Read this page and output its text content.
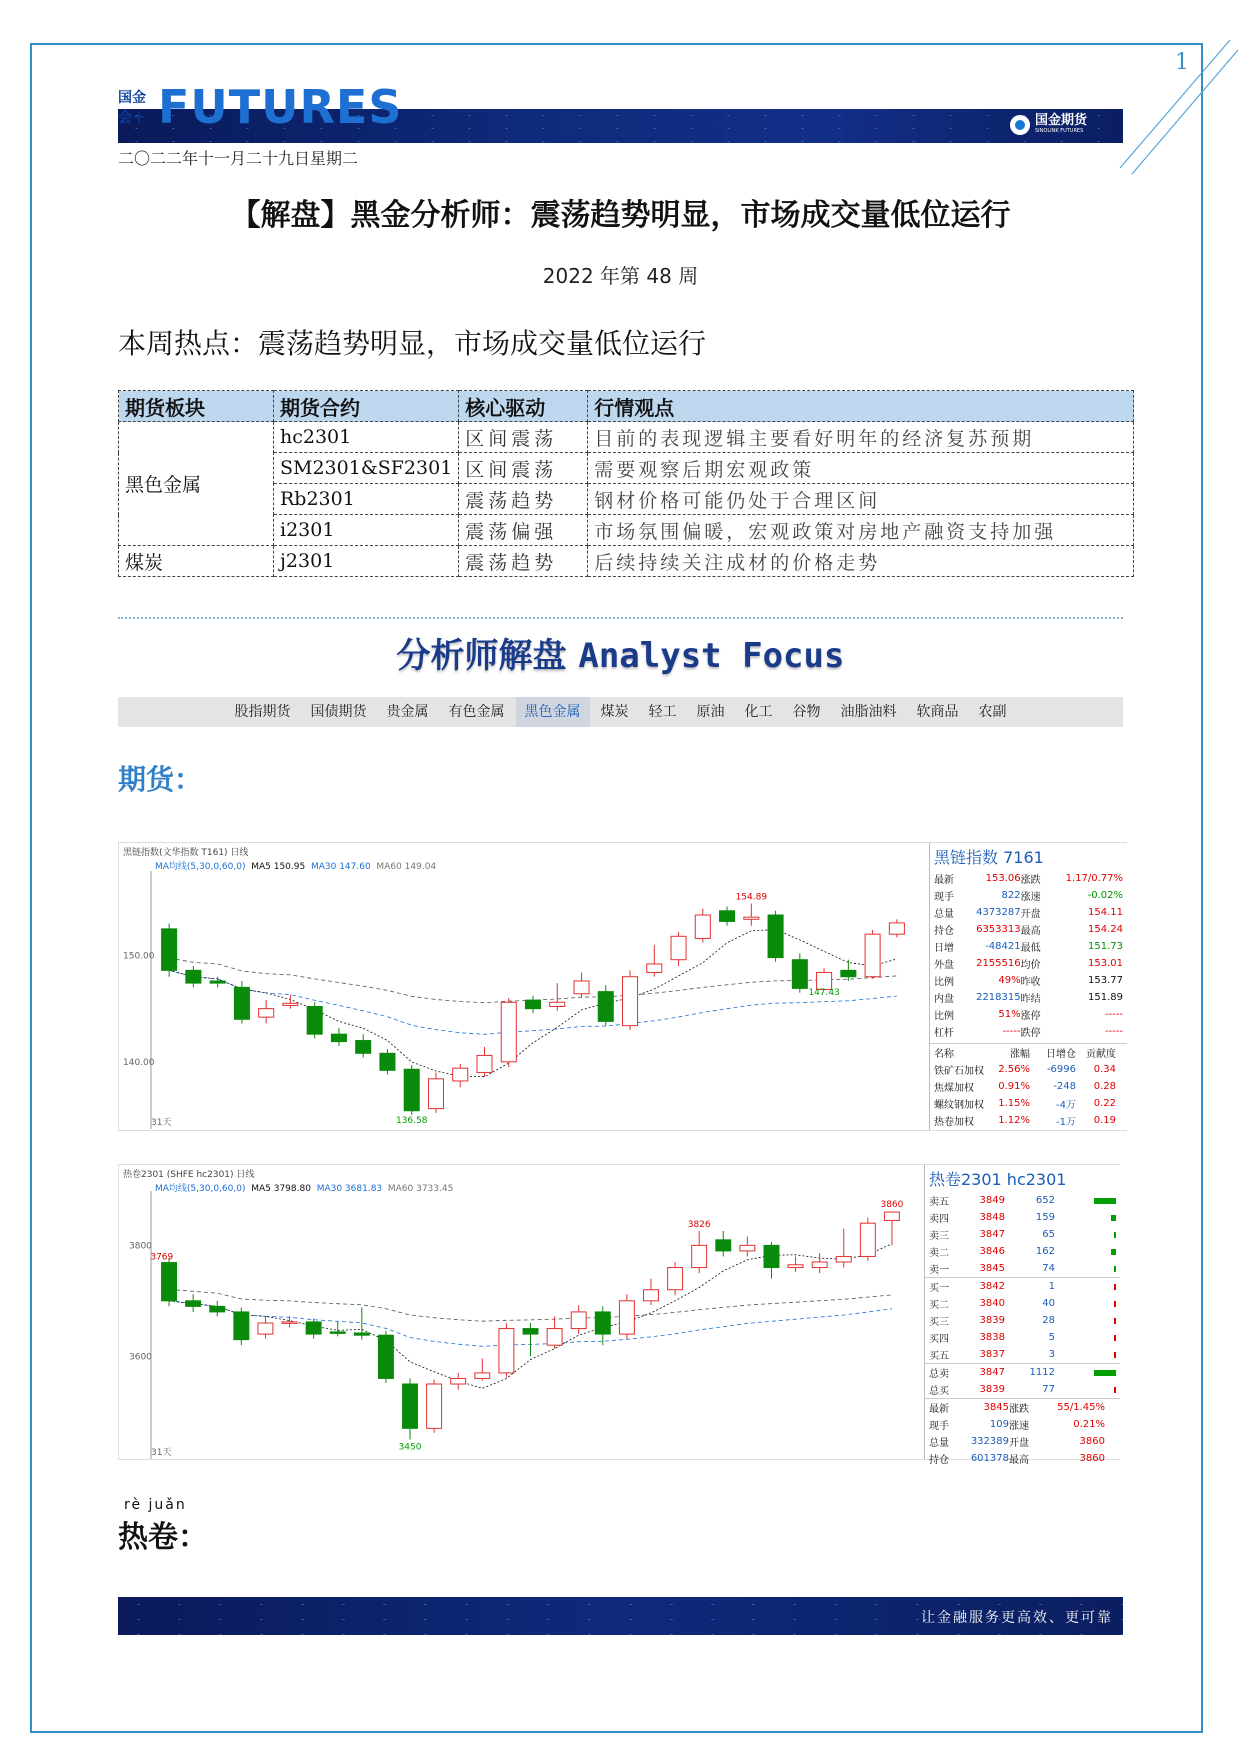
1
国金 会＋ FUTURES	国金期货
SINOLINK FUTURES
二〇二二年十一月二十九日星期二
【解盘】黑金分析师：震荡趋势明显，市场成交量低位运行
2022 年第 48 周
本周热点：震荡趋势明显，市场成交量低位运行
期货板块	期货合约	核心驱动	行情观点
黑色金属	hc2301	区间震荡	目前的表现逻辑主要看好明年的经济复苏预期
	SM2301&SF2301	区间震荡	需要观察后期宏观政策
	Rb2301	震荡趋势	钢材价格可能仍处于合理区间
	i2301	震荡偏强	市场氛围偏暖，宏观政策对房地产融资支持加强
煤炭	j2301	震荡趋势	后续持续关注成材的价格走势
分析师解盘 Analyst Focus
股指期货	国债期货	贵金属	有色金属	黑色金属	煤炭	轻工	原油	化工	谷物	油脂油料	软商品	农副
期货：
150.00
140.00
31天
154.89
136.58
147.43
黑链指数(文华指数 T161) 日线
MA均线(5,30,0,60,0) MA5 150.95 MA30 147.60 MA60 149.04	黑链指数 7161
最新	153.06 涨跌	1.17/0.77%
现手	822 涨速	-0.02%
总量	4373287 开盘	154.11
持仓	6353313 最高	154.24
日增	-48421 最低	151.73
外盘	2155516 均价	153.01
比例	49% 昨收	153.77
内盘	2218315 昨结	151.89
比例	51% 涨停	-----
杠杆	----- 跌停	-----
名称	涨幅	日增仓	贡献度
铁矿石加权	2.56%	-6996	0.34
焦煤加权	0.91%	-248	0.28
螺纹钢加权	1.15%	-4万	0.22
热卷加权	1.12%	-1万	0.19
3800
3600
31天
3860
3826
3769
3450
热卷2301 (SHFE hc2301) 日线
MA均线(5,30,0,60,0) MA5 3798.80 MA30 3681.83 MA60 3733.45	热卷2301 hc2301
卖五	3849	652
卖四	3848	159
卖三	3847	65
卖二	3846	162
卖一	3845	74
买一	3842	1
买二	3840	40
买三	3839	28
买四	3838	5
买五	3837	3
总卖	3847	1112
总买	3839	77
最新	3845 涨跌	55/1.45%
现手	109 涨速	0.21%
总量	332389 开盘	3860
持仓	601378 最高	3860
rè juǎn
热卷：
让金融服务更高效、更可靠
